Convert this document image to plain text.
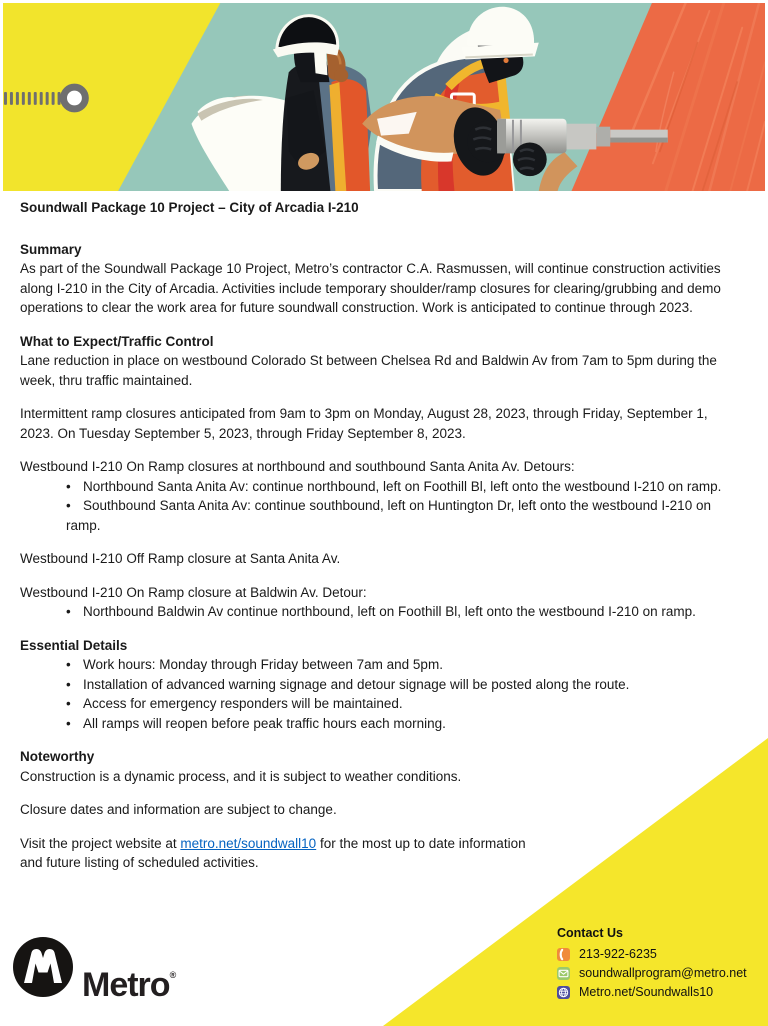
Soundwall Package 10 Project – City of Arcadia I-210

Summary

As part of the Soundwall Package 10 Project, Metro’s contractor C.A. Rasmussen, will continue construction activities along I-210 in the City of Arcadia. Activities include temporary shoulder/ramp closures for clearing/grubbing and demo operations to clear the work area for future soundwall construction. Work is anticipated to continue through 2023.

What to Expect/Traffic Control

Lane reduction in place on westbound Colorado St between Chelsea Rd and Baldwin Av from 7am to 5pm during the week, thru traffic maintained.

Intermittent ramp closures anticipated from 9am to 3pm on Monday, August 28, 2023, through Friday, September 1, 2023. On Tuesday September 5, 2023, through Friday September 8, 2023.

Westbound I-210 On Ramp closures at northbound and southbound Santa Anita Av. Detours:

• Northbound Santa Anita Av: continue northbound, left on Foothill Bl, left onto the westbound I-210 on ramp.
• Southbound Santa Anita Av: continue southbound, left on Huntington Dr, left onto the westbound I-210 on ramp.

Westbound I-210 Off Ramp closure at Santa Anita Av.

Westbound I-210 On Ramp closure at Baldwin Av. Detour:

• Northbound Baldwin Av continue northbound, left on Foothill Bl, left onto the westbound I-210 on ramp.
Essential Details
• Work hours: Monday through Friday between 7am and 5pm.
• Installation of advanced warning signage and detour signage will be posted along the route.
• Access for emergency responders will be maintained.
• All ramps will reopen before peak traffic hours each morning.
Noteworthy

Construction is a dynamic process, and it is subject to weather conditions.

Closure dates and information are subject to change.

Visit the project website at metro.net/soundwall10 for the most up to date information
and future listing of scheduled activities.

Metro®
Contact Us
213-922-6235
soundwallprogram@metro.net
Metro.net/Soundwalls10
